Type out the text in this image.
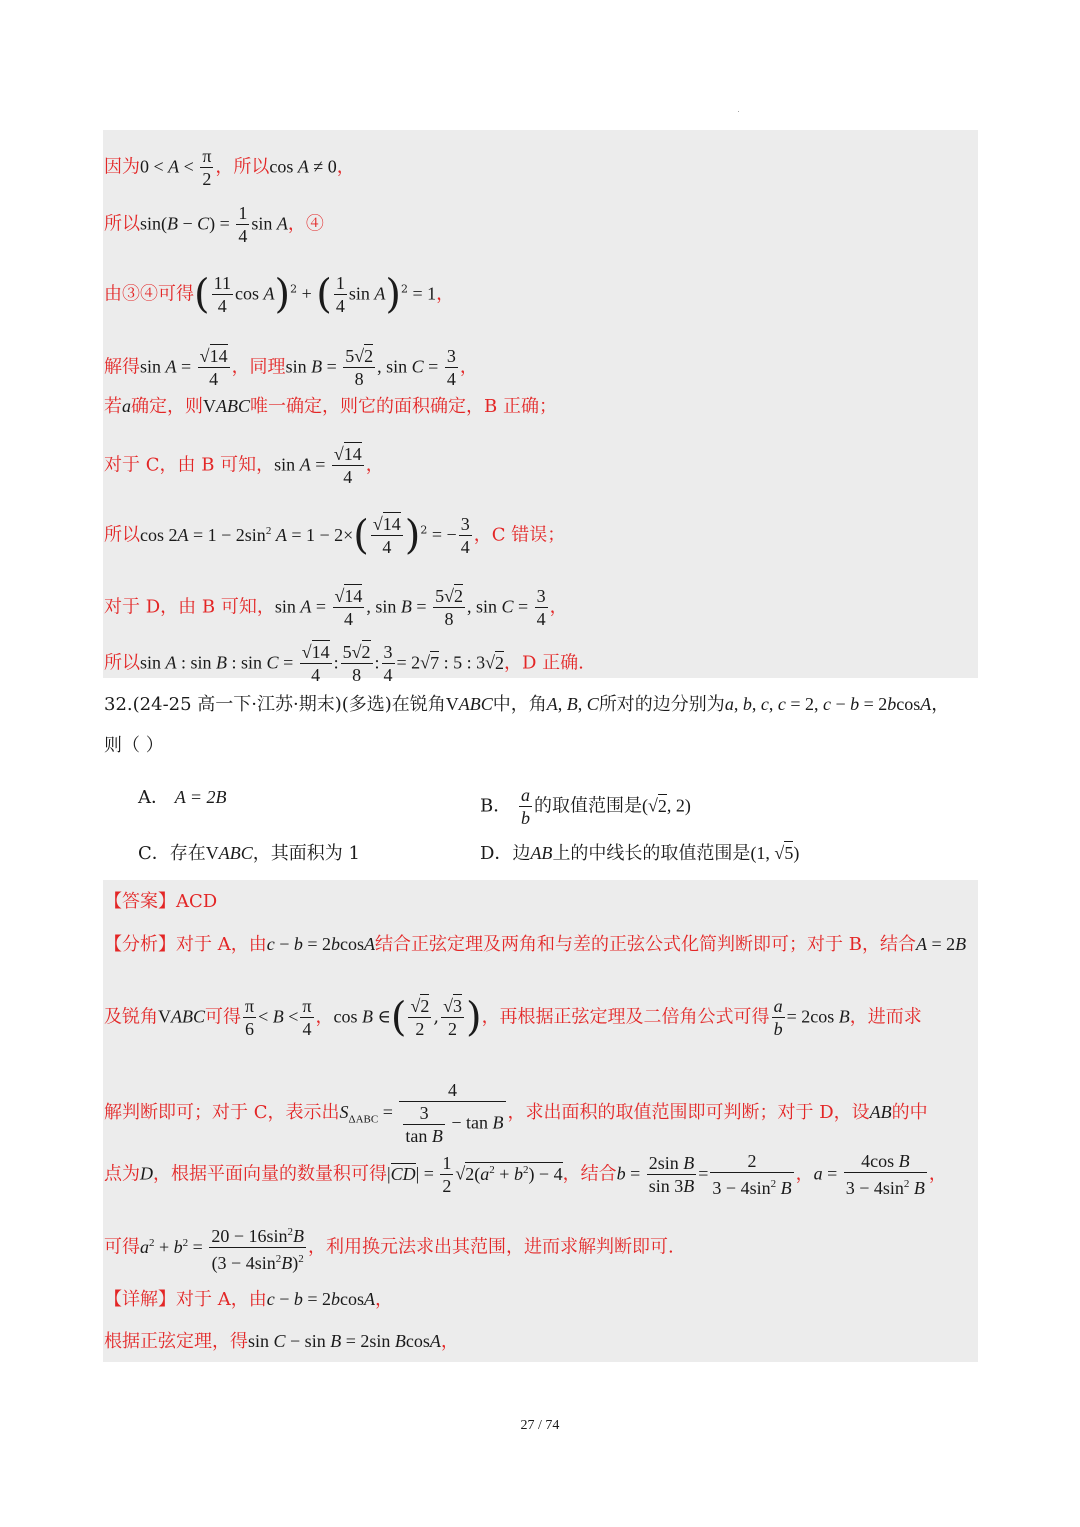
·
因为$0 < A < \frac{\pi}{2}$ ，所以cos A ≠ 0，
所以$\sin(B - C) = \frac{1}{4}$ sin A，④
由③④可得( $\frac{11}{4}$ cos A)$^2$ + ( $\frac{1}{4}$ sin A)$^2$ = 1，
解得$\sin A = \frac{√14}{4}$ ，同理$\sin B = \frac{5√2}{8}$ , $\sin C = \frac{3}{4}$ ，
若a确定，则VABC唯一确定，则它的面积确定，B 正确；
对于 C，由 B 可知，$\sin A = \frac{√14}{4}$ ，
所以$\cos 2A = 1 - 2\sin^2$ $A = 1 - 2\times( \frac{√14}{4} )^2$ = − $\frac{3}{4}$ ，C 错误；
对于 D，由 B 可知，$\sin A = \frac{√14}{4}$ , $\sin B = \frac{5√2}{8}$ , $\sin C = \frac{3}{4}$ ，
所以sin A : sin B : $\sin C = \frac{√14}{4}$ : $\frac{5√2}{8}$ : $\frac{3}{4} = 2√7$ : 5 : 3√2，D 正确.
32.(24-25 高一下·江苏·期末)(多选)在锐角VABC中，角A, B, C所对的边分别为a, b, c, c = 2, c − b = 2bcosA，
则（ ）
A． A = 2B	B． $\frac{a}{b}$ 的取值范围是(√2, 2)
C．存在VABC，其面积为 1	D．边AB上的中线长的取值范围是(1, √5)
【答案】ACD
【分析】对于 A，由c − b = 2bcosA结合正弦定理及两角和与差的正弦公式化简判断即可；对于 B，结合A = 2B
及锐角VABC可得 $\frac{\pi}{6} < B < \frac{\pi}{4}$ ，cos B ∈( $\frac{√2}{2}$ , $\frac{√3}{2}$ )，再根据正弦定理及二倍角公式可得 $\frac{a}{b} = 2\cos$ B，进而求
解判断即可；对于 C，表示出$S_{\Delta ABC} = \frac{4}{\frac{3}{\text{tan B}} - \tan B}$ ，求出面积的取值范围即可判断；对于 D，设AB的中
点为D，根据平面向量的数量积可得$|CD| = \frac{1}{2} √2(a^2 + b^2) - 4$，结合$b = \frac{\text{2sin B}}{\sin 3B} = \frac{2}{3 - 4\sin^2 B}$ ，$a = \frac{\text{4cos B}}{3 - 4\sin^2 B}$ ，
可得$a^2 + b^2 = \frac{20 - 16\sin^2B}{(3 - 4\sin^2B)^2}$ ，利用换元法求出其范围，进而求解判断即可.
【详解】对于 A，由c − b = 2bcosA，
根据正弦定理，得sin C − sin B = 2sin BcosA，
27 / 74
